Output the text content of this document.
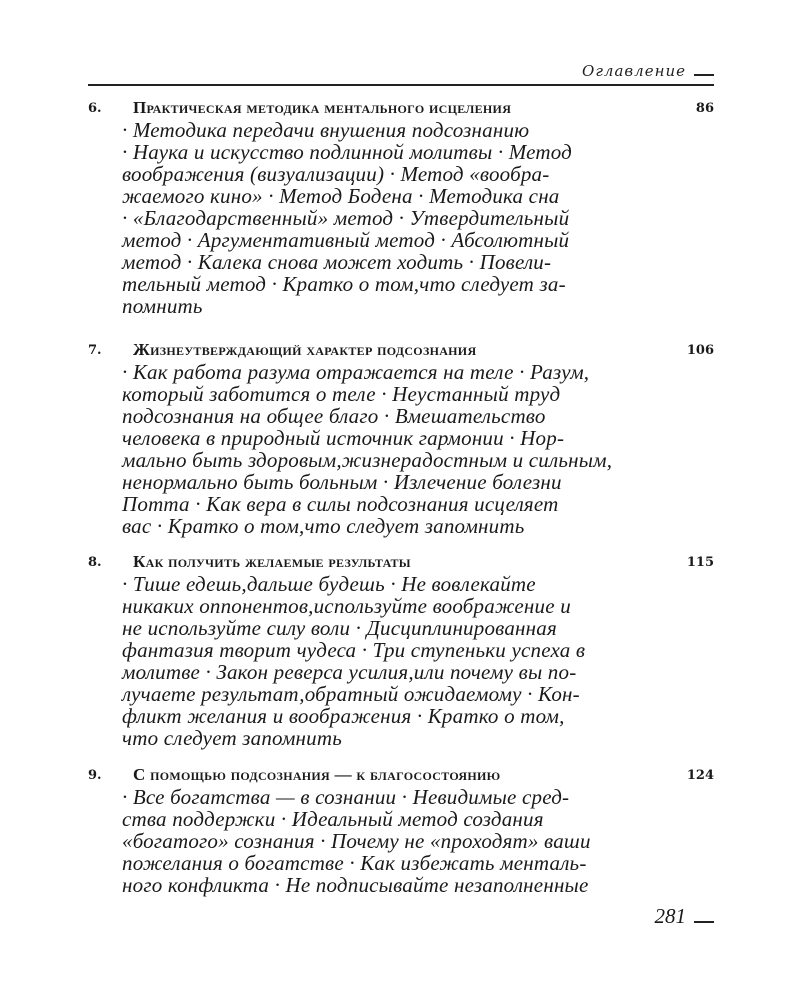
Оглавление
6. Практическая методика ментального исцеления	86
· Методика передачи внушения подсознанию
· Наука и искусство подлинной молитвы · Метод
воображения (визуализации) · Метод «вообра-
жаемого кино» · Метод Бодена · Методика сна
· «Благодарственный» метод · Утвердительный
метод · Аргументативный метод · Абсолютный
метод · Калека снова может ходить · Повели-
тельный метод · Кратко о том,что следует за-
помнить
7. Жизнеутверждающий характер подсознания	106
· Как работа разума отражается на теле · Разум,
который заботится о теле · Неустанный труд
подсознания на общее благо · Вмешательство
человека в природный источник гармонии · Нор-
мально быть здоровым,жизнерадостным и сильным,
ненормально быть больным · Излечение болезни
Потта · Как вера в силы подсознания исцеляет
вас · Кратко о том,что следует запомнить
8. Как получить желаемые результаты	115
· Тише едешь,дальше будешь · Не вовлекайте
никаких оппонентов,используйте воображение и
не используйте силу воли · Дисциплинированная
фантазия творит чудеса · Три ступеньки успеха в
молитве · Закон реверса усилия,или почему вы по-
лучаете результат,обратный ожидаемому · Кон-
фликт желания и воображения · Кратко о том,
что следует запомнить
9. С помощью подсознания — к благосостоянию	124
· Все богатства — в сознании · Невидимые сред-
ства поддержки · Идеальный метод создания
«богатого» сознания · Почему не «проходят» ваши
пожелания о богатстве · Как избежать менталь-
ного конфликта · Не подписывайте незаполненные
281
